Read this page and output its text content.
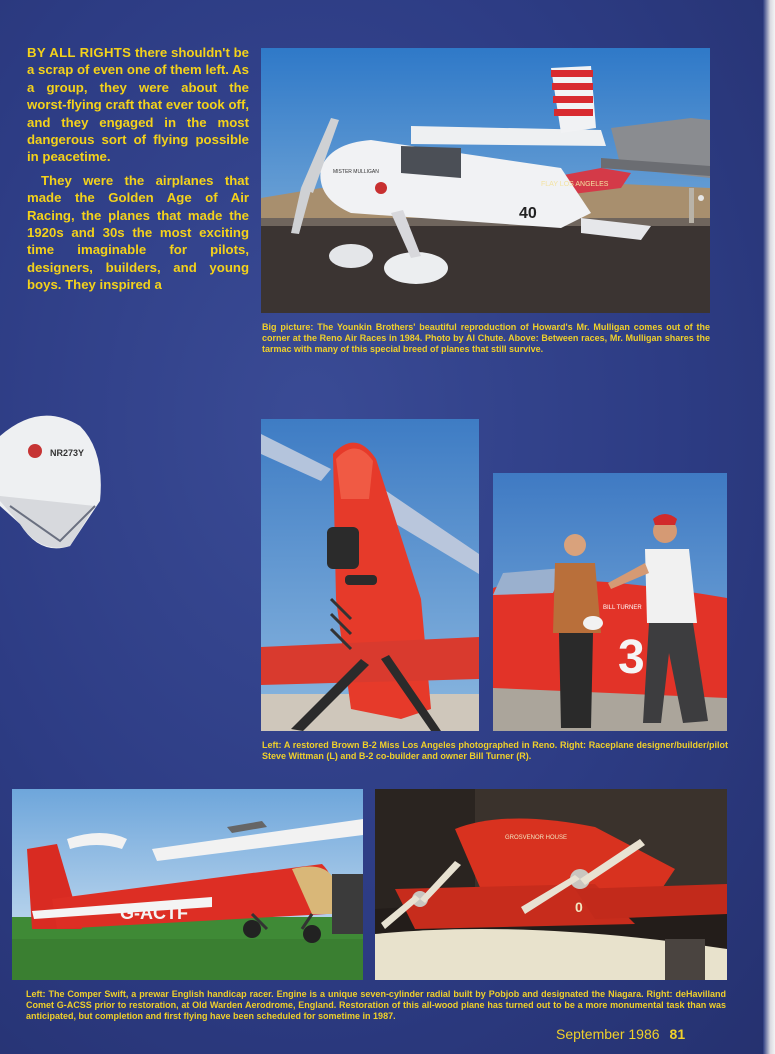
BY ALL RIGHTS there shouldn't be a scrap of even one of them left. As a group, they were about the worst-flying craft that ever took off, and they engaged in the most dangerous sort of flying possible in peacetime.

They were the airplanes that made the Golden Age of Air Racing, the planes that made the 1920s and 30s the most exciting time imaginable for pilots, designers, builders, and young boys. They inspired a

40
MISTER MULLIGAN
FLAY LOS ANGELES
Big picture: The Younkin Brothers' beautiful reproduction of Howard's Mr. Mulligan comes out of the corner at the Reno Air Races in 1984. Photo by Al Chute. Above: Between races, Mr. Mulligan shares the tarmac with many of this special breed of planes that still survive.
NR273Y
BILL TURNER
3
Left: A restored Brown B-2 Miss Los Angeles photographed in Reno. Right: Raceplane designer/builder/pilot Steve Wittman (L) and B-2 co-builder and owner Bill Turner (R).
G-ACTF
GROSVENOR HOUSE
0
Left: The Comper Swift, a prewar English handicap racer. Engine is a unique seven-cylinder radial built by Pobjob and designated the Niagara. Right: deHavilland Comet G-ACSS prior to restoration, at Old Warden Aerodrome, England. Restoration of this all-wood plane has turned out to be a more monumental task than was anticipated, but completion and first flying have been scheduled for sometime in 1987.
September 1986 81
